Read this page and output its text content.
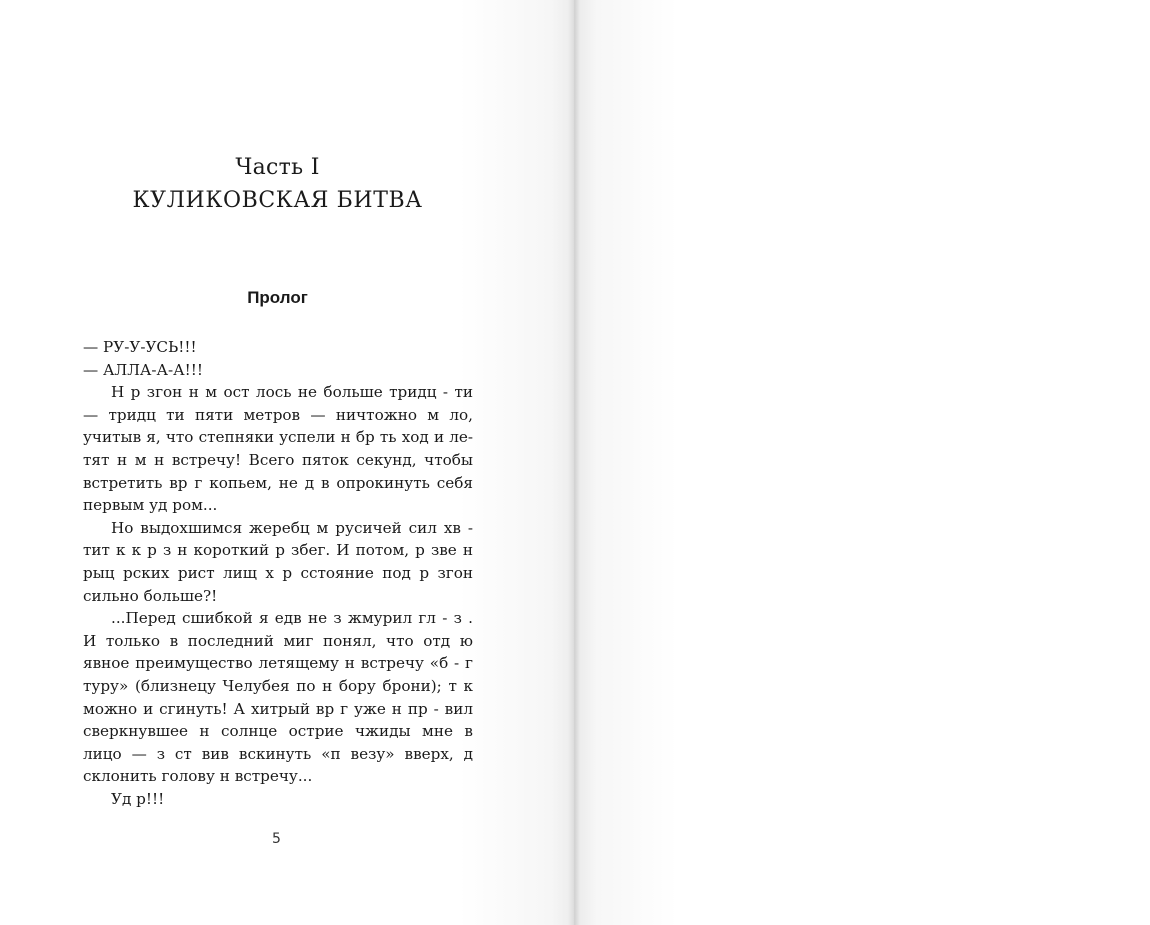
Часть I
КУЛИКОВСКАЯ БИТВА
Пролог

— РУ-У-УСЬ!!!

— АЛЛА-А-А!!!

Н р згон н м ост лось не больше тридц - ти — тридц ти пяти метров — ничтожно м ло, учитыв я, что степняки успели н бр ть ход и ле- тят н м н встречу! Всего пяток секунд, чтобы встретить вр г копьем, не д в опрокинуть себя первым уд ром...

Но выдохшимся жеребц м русичей сил хв - тит к к р з н короткий р збег. И потом, р зве н рыц рских рист лищ х р сстояние под р згон сильно больше?!

...Перед сшибкой я едв не з жмурил гл - з . И только в последний миг понял, что отд ю явное преимущество летящему н встречу «б - г туру» (близнецу Челубея по н бору брони); т к можно и сгинуть! А хитрый вр г уже н пр - вил сверкнувшее н солнце острие чжиды мне в лицо — з ст вив вскинуть «п везу» вверх, д склонить голову н встречу...

Уд р!!!

5
